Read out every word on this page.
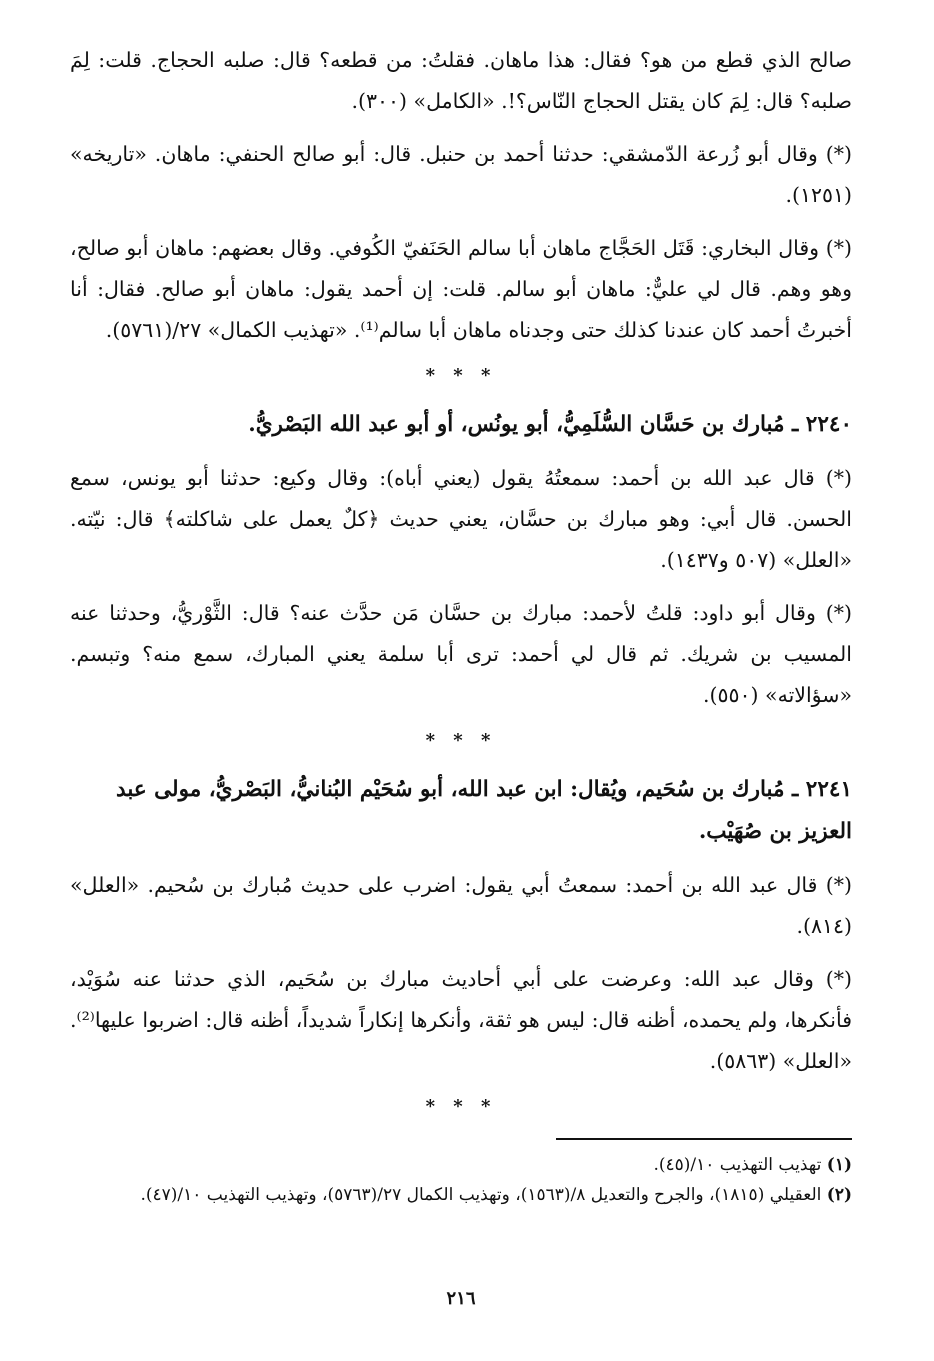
صالح الذي قطع من هو؟ فقال: هذا ماهان. فقلتُ: من قطعه؟ قال: صلبه الحجاج. قلت: لِمَ صلبه؟ قال: لِمَ كان يقتل الحجاج النّاس؟!. «الكامل» (٣٠٠).

(*) وقال أبو زُرعة الدّمشقي: حدثنا أحمد بن حنبل. قال: أبو صالح الحنفي: ماهان. «تاريخه» (١٢٥١).

(*) وقال البخاري: قَتَل الحَجَّاج ماهان أبا سالم الحَنَفيّ الكُوفي. وقال بعضهم: ماهان أبو صالح، وهو وهم. قال لي عليٌّ: ماهان أبو سالم. قلت: إن أحمد يقول: ماهان أبو صالح. فقال: أنا أخبرتُ أحمد كان عندنا كذلك حتى وجدناه ماهان أبا سالم⁽¹⁾. «تهذيب الكمال» ٢٧/(٥٧٦١).

* * *
٢٢٤٠ ـ مُبارك بن حَسَّان السُّلَمِيُّ، أبو يونُس، أو أبو عبد الله البَصْريُّ.

(*) قال عبد الله بن أحمد: سمعتُهُ يقول (يعني أباه): وقال وكيع: حدثنا أبو يونس، سمع الحسن. قال أبي: وهو مبارك بن حسَّان، يعني حديث ﴿كلٌ يعمل على شاكلته﴾ قال: نيّته. «العلل» (٥٠٧ و١٤٣٧).

(*) وقال أبو داود: قلتُ لأحمد: مبارك بن حسَّان مَن حدَّث عنه؟ قال: الثَّوْريُّ، وحدثنا عنه المسيب بن شريك. ثم قال لي أحمد: ترى أبا سلمة يعني المبارك، سمع منه؟ وتبسم. «سؤالاته» (٥٥٠).

* * *
٢٢٤١ ـ مُبارك بن سُحَيم، ويُقال: ابن عبد الله، أبو سُحَيْم البُنانيُّ، البَصْريُّ، مولى عبد العزيز بن صُهَيْب.

(*) قال عبد الله بن أحمد: سمعتُ أبي يقول: اضرب على حديث مُبارك بن سُحيم. «العلل» (٨١٤).

(*) وقال عبد الله: وعرضت على أبي أحاديث مبارك بن سُحَيم، الذي حدثنا عنه سُوَيْد، فأنكرها، ولم يحمده، أظنه قال: ليس هو ثقة، وأنكرها إنكاراً شديداً، أظنه قال: اضربوا عليها⁽²⁾. «العلل» (٥٨٦٣).

* * *

(١) تهذيب التهذيب ١٠/(٤٥).

(٢) العقيلي (١٨١٥)، والجرح والتعديل ٨/(١٥٦٣)، وتهذيب الكمال ٢٧/(٥٧٦٣)، وتهذيب التهذيب ١٠/(٤٧).

٢١٦
